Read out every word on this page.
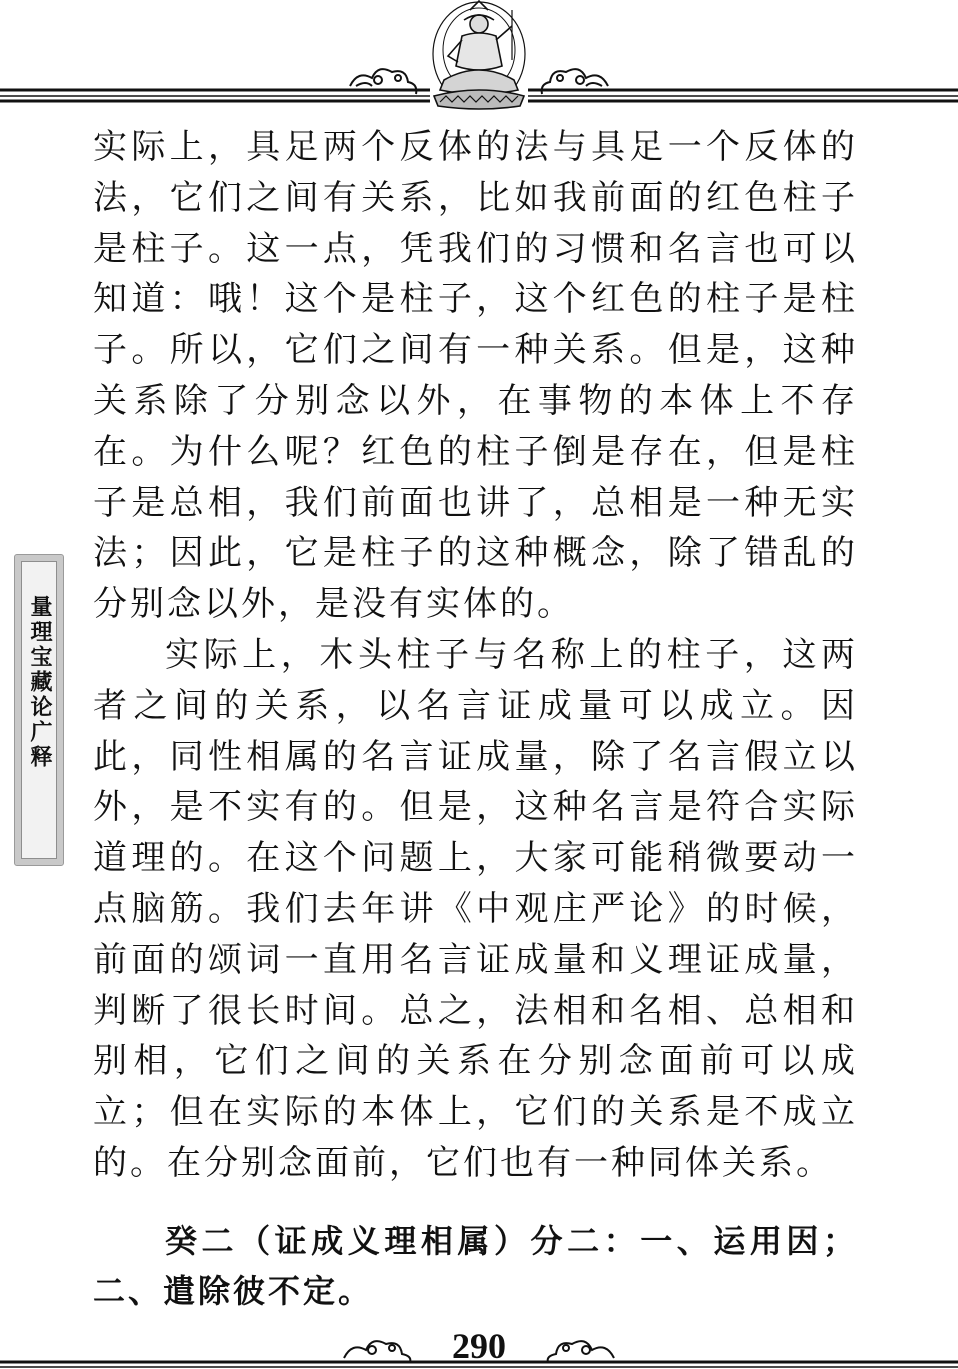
量理宝藏论广释

实际上，具足两个反体的法与具足一个反体的法，它们之间有关系，比如我前面的红色柱子是柱子。这一点，凭我们的习惯和名言也可以知道：哦！这个是柱子，这个红色的柱子是柱子。所以，它们之间有一种关系。但是，这种关系除了分别念以外，在事物的本体上不存在。为什么呢？红色的柱子倒是存在，但是柱子是总相，我们前面也讲了，总相是一种无实法；因此，它是柱子的这种概念，除了错乱的分别念以外，是没有实体的。

实际上，木头柱子与名称上的柱子，这两者之间的关系，以名言证成量可以成立。因此，同性相属的名言证成量，除了名言假立以外，是不实有的。但是，这种名言是符合实际道理的。在这个问题上，大家可能稍微要动一点脑筋。我们去年讲《中观庄严论》的时候，前面的颂词一直用名言证成量和义理证成量，判断了很长时间。总之，法相和名相、总相和别相，它们之间的关系在分别念面前可以成立；但在实际的本体上，它们的关系是不成立的。在分别念面前，它们也有一种同体关系。

癸二（证成义理相属）分二：一、运用因；二、遣除彼不定。
290
